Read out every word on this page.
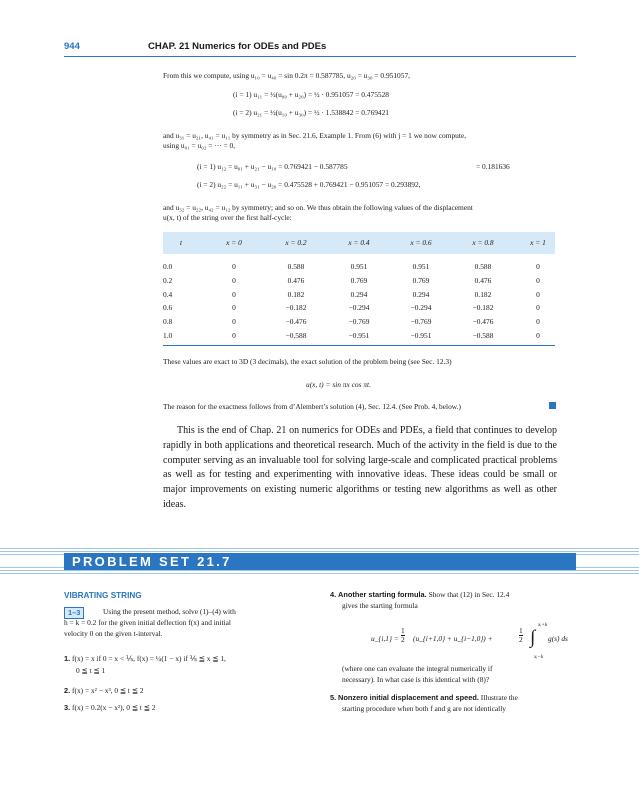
944	CHAP. 21 Numerics for ODEs and PDEs
From this we compute, using u₁₀ = u₄₀ = sin 0.2π = 0.587785, u₂₀ = u₃₀ = 0.951057,
(i = 1) u₁₁ = ½(u₀₀ + u₂₀) = ½ · 0.951057 = 0.475528
(i = 2) u₂₁ = ½(u₁₀ + u₃₀) = ½ · 1.538842 = 0.769421
and u₃₁ = u₂₁, u₄₁ = u₁₁ by symmetry as in Sec. 21.6, Example 1. From (6) with j = 1 we now compute,
using u₀₁ = u₀₂ = ··· = 0,
(i = 1) u₁₂ = u₀₁ + u₂₁ − u₁₀ = 0.769421 − 0.587785	= 0.181636
(i = 2) u₂₂ = u₁₁ + u₃₁ − u₂₀ = 0.475528 + 0.769421 − 0.951057 = 0.293892,
and u₃₂ = u₂₂, u₄₂ = u₁₂ by symmetry; and so on. We thus obtain the following values of the displacement
u(x, t) of the string over the first half-cycle:
t	x = 0	x = 0.2	x = 0.4	x = 0.6	x = 0.8	x = 1
0.0	0	0.588	0.951	0.951	0.588	0
0.2	0	0.476	0.769	0.769	0.476	0
0.4	0	0.182	0.294	0.294	0.182	0
0.6	0	−0.182	−0.294	−0.294	−0.182	0
0.8	0	−0.476	−0.769	−0.769	−0.476	0
1.0	0	−0.588	−0.951	−0.951	−0.588	0
These values are exact to 3D (3 decimals), the exact solution of the problem being (see Sec. 12.3)
u(x, t) = sin πx cos πt.
The reason for the exactness follows from d’Alembert’s solution (4), Sec. 12.4. (See Prob. 4, below.)

This is the end of Chap. 21 on numerics for ODEs and PDEs, a field that continues to develop rapidly in both applications and theoretical research. Much of the activity in the field is due to the computer serving as an invaluable tool for solving large-scale and complicated practical problems as well as for testing and experimenting with innovative ideas. These ideas could be small or major improvements on existing numeric algorithms or testing new algorithms as well as other ideas.

PROBLEM SET 21.7
VIBRATING STRING
1–3	Using the present method, solve (1)–(4) with
h = k = 0.2 for the given initial deflection f(x) and initial
velocity 0 on the given t-interval.
1. f(x) = x if 0 = x < ⅕, f(x) = ¼(1 − x) if ⅕ ≦ x ≦ 1,
0 ≦ t ≦ 1
2. f(x) = x² − x³, 0 ≦ t ≦ 2
3. f(x) = 0.2(x − x²), 0 ≦ t ≦ 2
4. Another starting formula. Show that (12) in Sec. 12.4
gives the starting formula
u_{i,1} = $\frac{1}{2}$ (u_{i+1,0} + u_{i−1,0}) +	$\frac{1}{2}$ ∫
xᵢ+k
xᵢ−k
g(s) ds
(where one can evaluate the integral numerically if
necessary). In what case is this identical with (8)?
5. Nonzero initial displacement and speed. Illustrate the
starting procedure when both f and g are not identically
